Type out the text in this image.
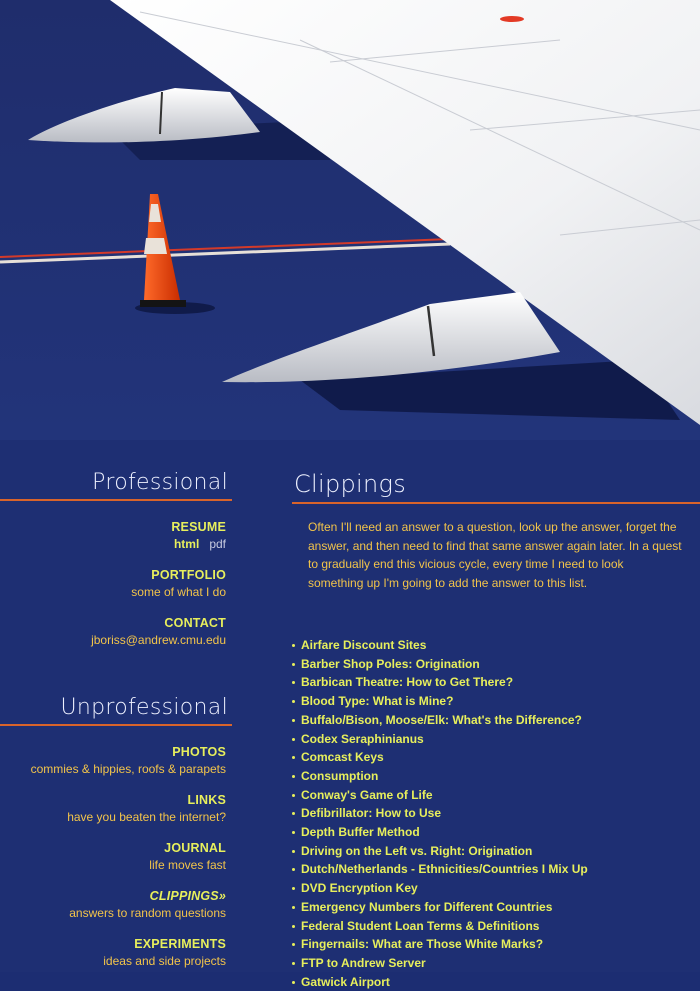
Professional
RESUME
html pdf
PORTFOLIO
some of what I do
CONTACT
jboriss@andrew.cmu.edu
Unprofessional
PHOTOS
commies & hippies, roofs & parapets
LINKS
have you beaten the internet?
JOURNAL
life moves fast
CLIPPINGS»
answers to random questions
EXPERIMENTS
ideas and side projects
Clippings

Often I'll need an answer to a question, look up the answer, forget the answer, and then need to find that same answer again later. In a quest to gradually end this vicious cycle, every time I need to look something up I'm going to add the answer to this list.

Airfare Discount Sites
Barber Shop Poles: Origination
Barbican Theatre: How to Get There?
Blood Type: What is Mine?
Buffalo/Bison, Moose/Elk: What's the Difference?
Codex Seraphinianus
Comcast Keys
Consumption
Conway's Game of Life
Defibrillator: How to Use
Depth Buffer Method
Driving on the Left vs. Right: Origination
Dutch/Netherlands - Ethnicities/Countries I Mix Up
DVD Encryption Key
Emergency Numbers for Different Countries
Federal Student Loan Terms & Definitions
Fingernails: What are Those White Marks?
FTP to Andrew Server
Gatwick Airport
